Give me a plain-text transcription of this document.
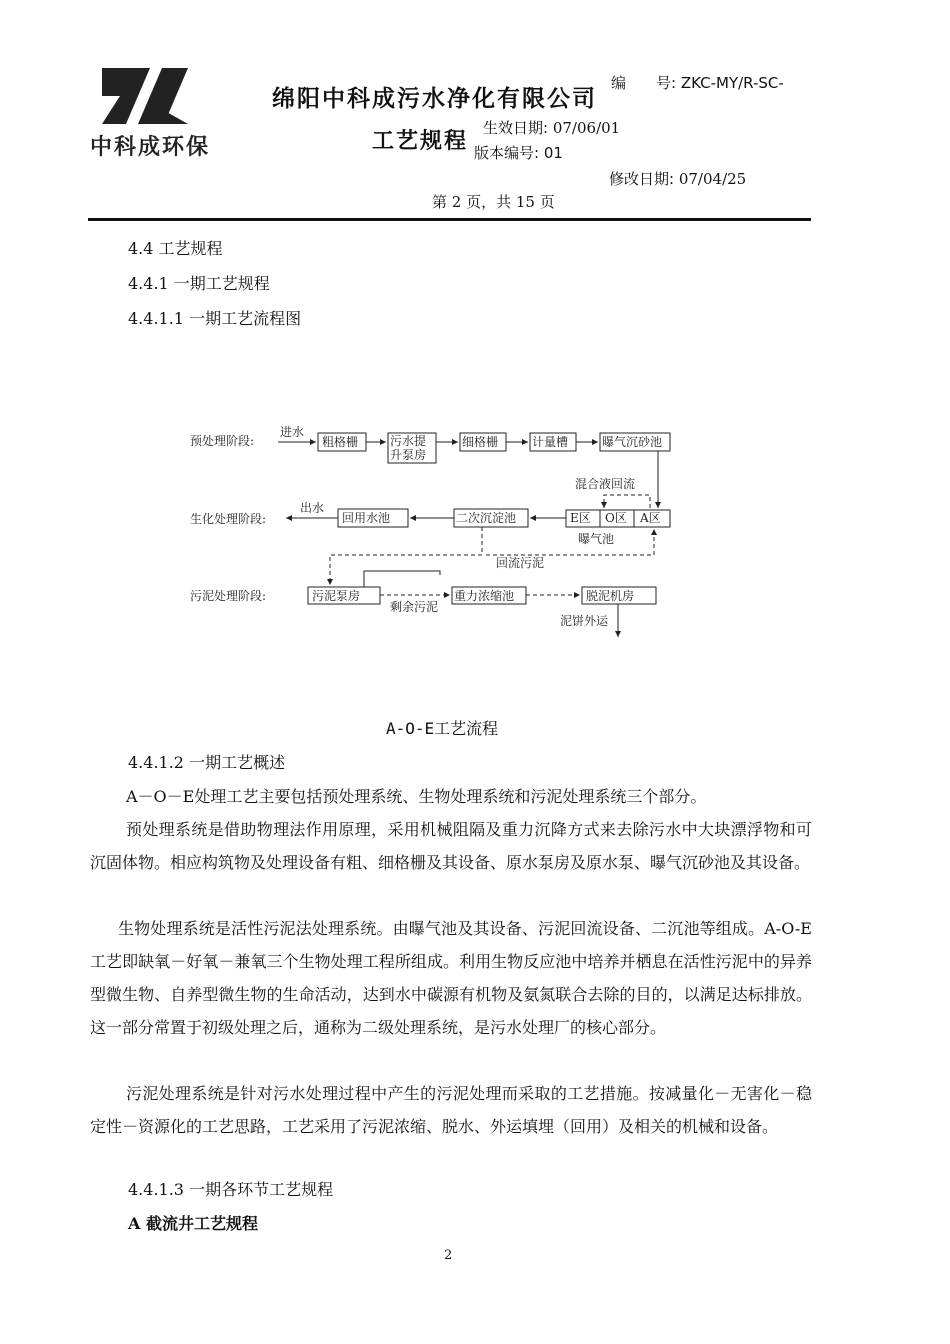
中科成环保
绵阳中科成污水净化有限公司
工艺规程
编　　号: ZKC-MY/R-SC-
生效日期: 07/06/01
版本编号: 01
修改日期: 07/04/25
第 2 页，共 15 页
4.4 工艺规程
4.4.1 一期工艺规程
4.4.1.1 一期工艺流程图
预处理阶段:
生化处理阶段:
污泥处理阶段:
进水
粗格栅	污水提
升泵房
细格栅	计量槽	曝气沉砂池
混合液回流
E区 O区 A区
曝气池
二次沉淀池
回用水池
出水
回流污泥
污泥泵房
剩余污泥
重力浓缩池	脱泥机房
泥饼外运
A-O-E工艺流程
4.4.1.2 一期工艺概述
A－O－E处理工艺主要包括预处理系统、生物处理系统和污泥处理系统三个部分。
预处理系统是借助物理法作用原理，采用机械阻隔及重力沉降方式来去除污水中大块漂浮物和可沉固体物。相应构筑物及处理设备有粗、细格栅及其设备、原水泵房及原水泵、曝气沉砂池及其设备。
生物处理系统是活性污泥法处理系统。由曝气池及其设备、污泥回流设备、二沉池等组成。A-O-E工艺即缺氧－好氧－兼氧三个生物处理工程所组成。利用生物反应池中培养并栖息在活性污泥中的异养型微生物、自养型微生物的生命活动，达到水中碳源有机物及氨氮联合去除的目的，以满足达标排放。这一部分常置于初级处理之后，通称为二级处理系统，是污水处理厂的核心部分。
污泥处理系统是针对污水处理过程中产生的污泥处理而采取的工艺措施。按减量化－无害化－稳定性－资源化的工艺思路，工艺采用了污泥浓缩、脱水、外运填埋（回用）及相关的机械和设备。
4.4.1.3 一期各环节工艺规程
A 截流井工艺规程
2
